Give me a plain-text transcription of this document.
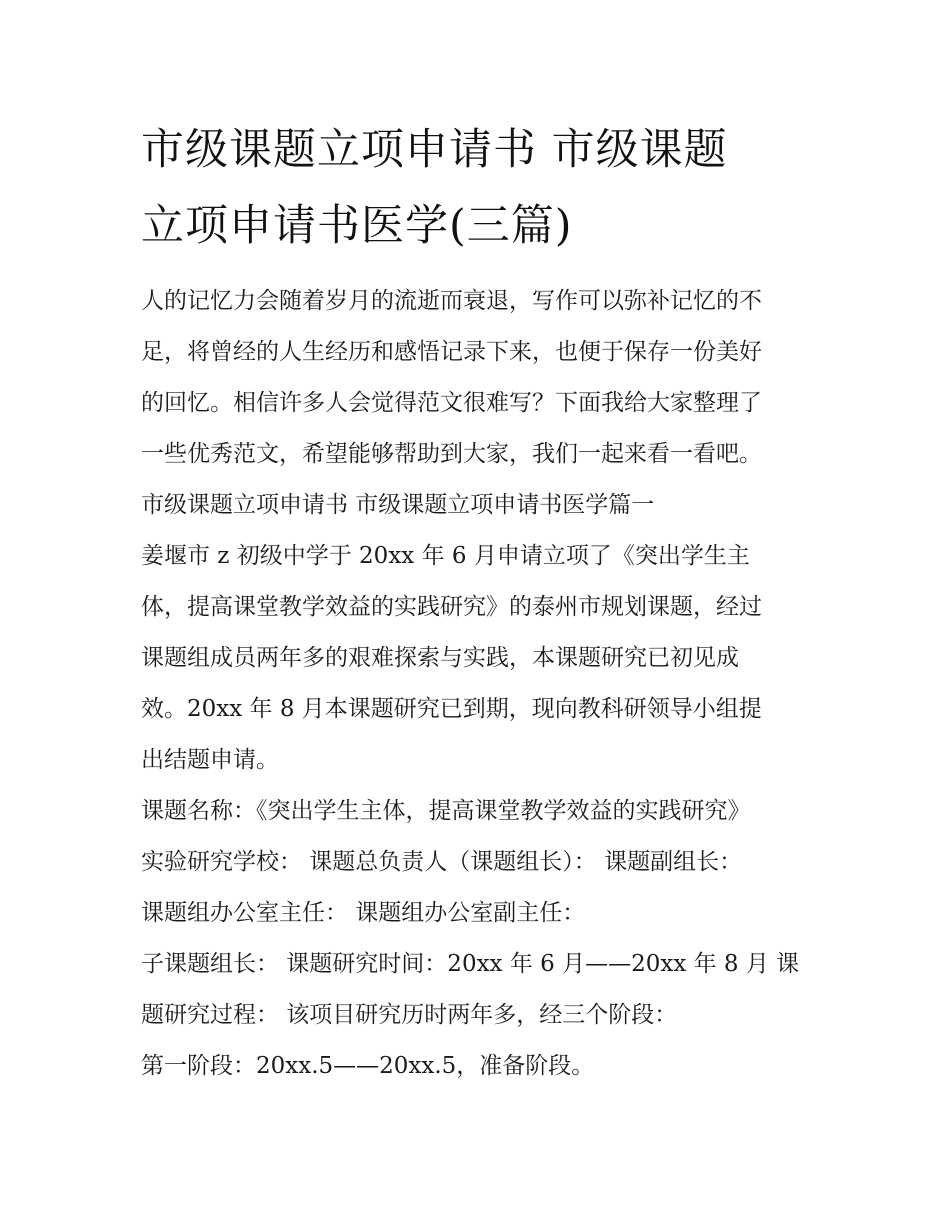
市级课题立项申请书 市级课题
立项申请书医学(三篇)

人的记忆力会随着岁月的流逝而衰退，写作可以弥补记忆的不

足，将曾经的人生经历和感悟记录下来，也便于保存一份美好

的回忆。相信许多人会觉得范文很难写？下面我给大家整理了

一些优秀范文，希望能够帮助到大家，我们一起来看一看吧。

市级课题立项申请书 市级课题立项申请书医学篇一

姜堰市 z 初级中学于 20xx 年 6 月申请立项了《突出学生主

体，提高课堂教学效益的实践研究》的泰州市规划课题，经过

课题组成员两年多的艰难探索与实践，本课题研究已初见成

效。20xx 年 8 月本课题研究已到期，现向教科研领导小组提

出结题申请。

课题名称：《突出学生主体，提高课堂教学效益的实践研究》

实验研究学校： 课题总负责人（课题组长）： 课题副组长：

课题组办公室主任： 课题组办公室副主任：

子课题组长： 课题研究时间：20xx 年 6 月——20xx 年 8 月 课

题研究过程： 该项目研究历时两年多，经三个阶段：

第一阶段：20xx.5——20xx.5，准备阶段。
